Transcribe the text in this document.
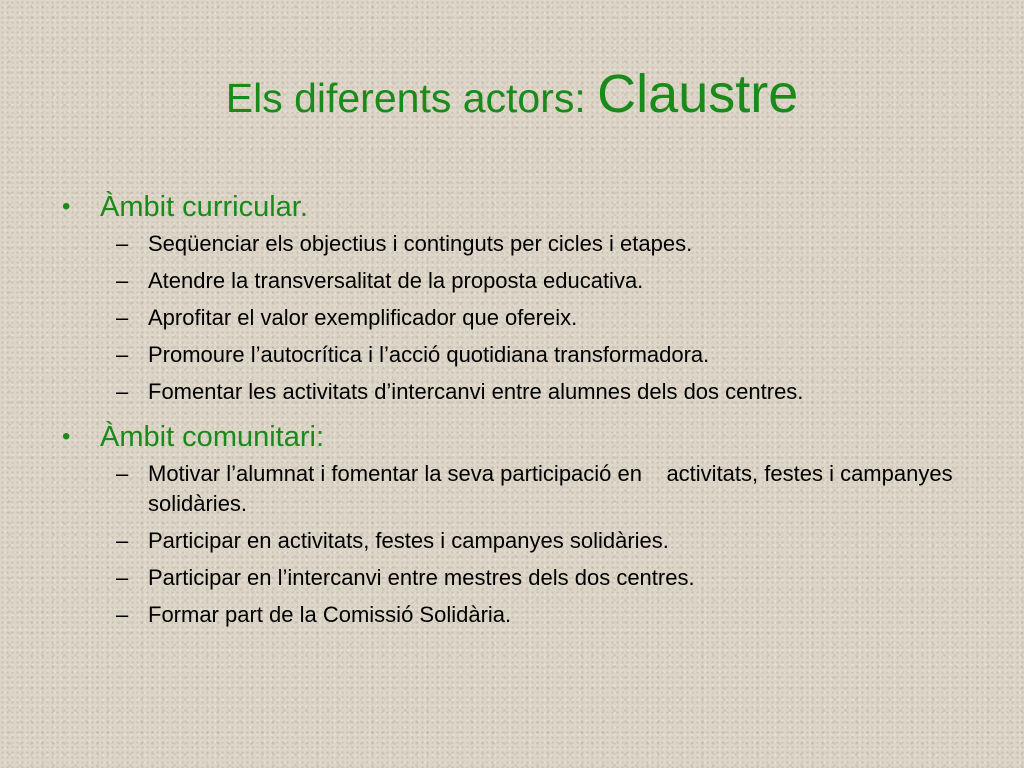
Els diferents actors: Claustre
•	Àmbit curricular.
– Seqüenciar els objectius i continguts per cicles i etapes.
– Atendre la transversalitat de la proposta educativa.
– Aprofitar el valor exemplificador que ofereix.
– Promoure l’autocrítica i l’acció quotidiana transformadora.
– Fomentar les activitats d’intercanvi entre alumnes dels dos centres.
•	Àmbit comunitari:
– Motivar l’alumnat i fomentar la seva participació en    activitats, festes i campanyes solidàries.
– Participar en activitats, festes i campanyes solidàries.
– Participar en l’intercanvi entre mestres dels dos centres.
– Formar part de la Comissió Solidària.
